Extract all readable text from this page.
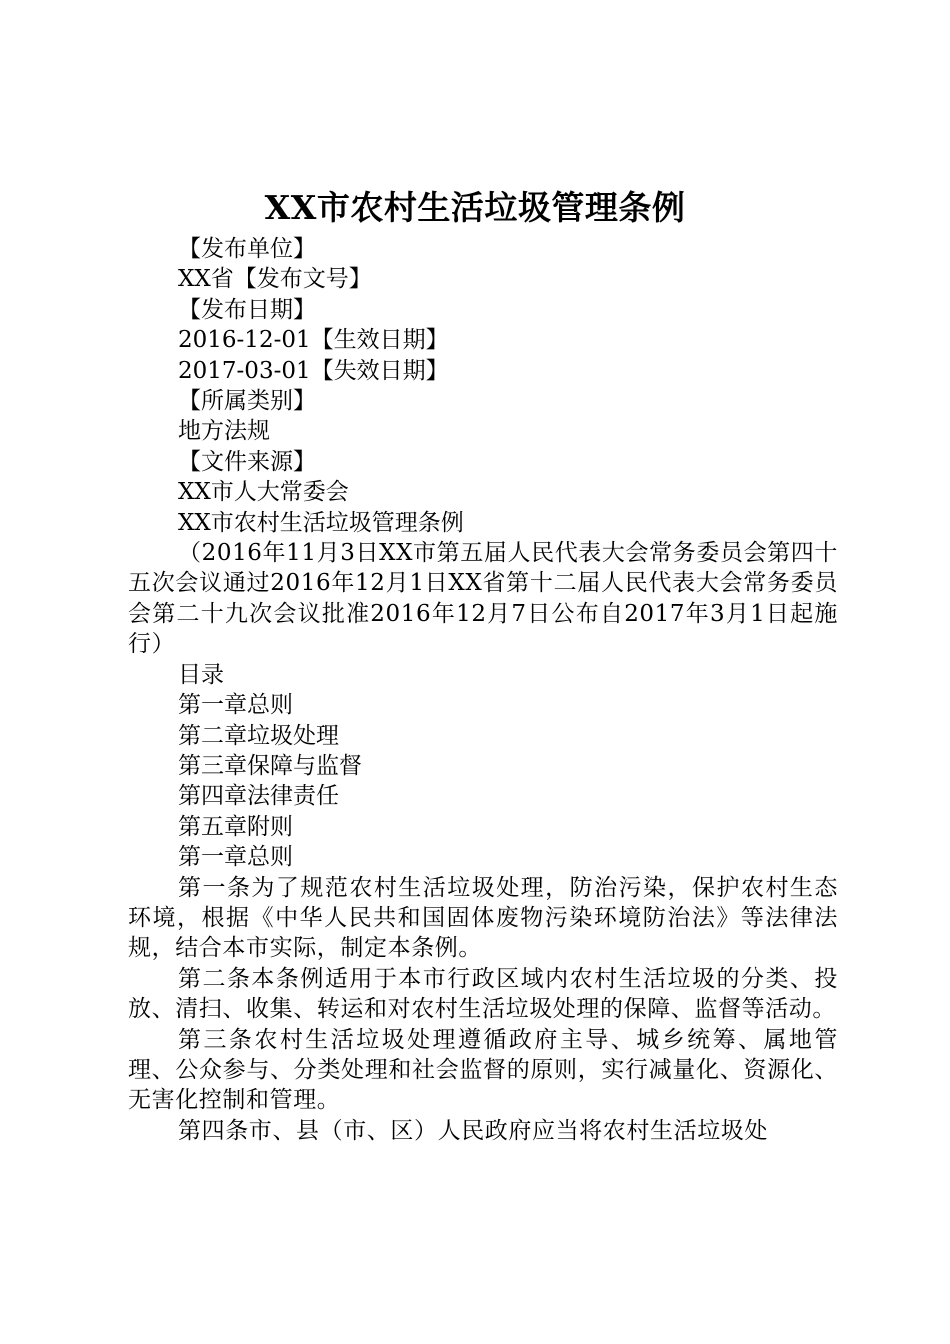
XX市农村生活垃圾管理条例
【发布单位】
XX省【发布文号】
【发布日期】
2016-12-01【生效日期】
2017-03-01【失效日期】
【所属类别】
地方法规
【文件来源】
XX市人大常委会
XX市农村生活垃圾管理条例
（2016年11月3日XX市第五届人民代表大会常务委员会第四十五次会议通过2016年12月1日XX省第十二届人民代表大会常务委员会第二十九次会议批准2016年12月7日公布自2017年3月1日起施行）
目录
第一章总则
第二章垃圾处理
第三章保障与监督
第四章法律责任
第五章附则
第一章总则
第一条为了规范农村生活垃圾处理，防治污染，保护农村生态环境，根据《中华人民共和国固体废物污染环境防治法》等法律法规，结合本市实际，制定本条例。
第二条本条例适用于本市行政区域内农村生活垃圾的分类、投放、清扫、收集、转运和对农村生活垃圾处理的保障、监督等活动。
第三条农村生活垃圾处理遵循政府主导、城乡统筹、属地管理、公众参与、分类处理和社会监督的原则，实行减量化、资源化、无害化控制和管理。
第四条市、县（市、区）人民政府应当将农村生活垃圾处
